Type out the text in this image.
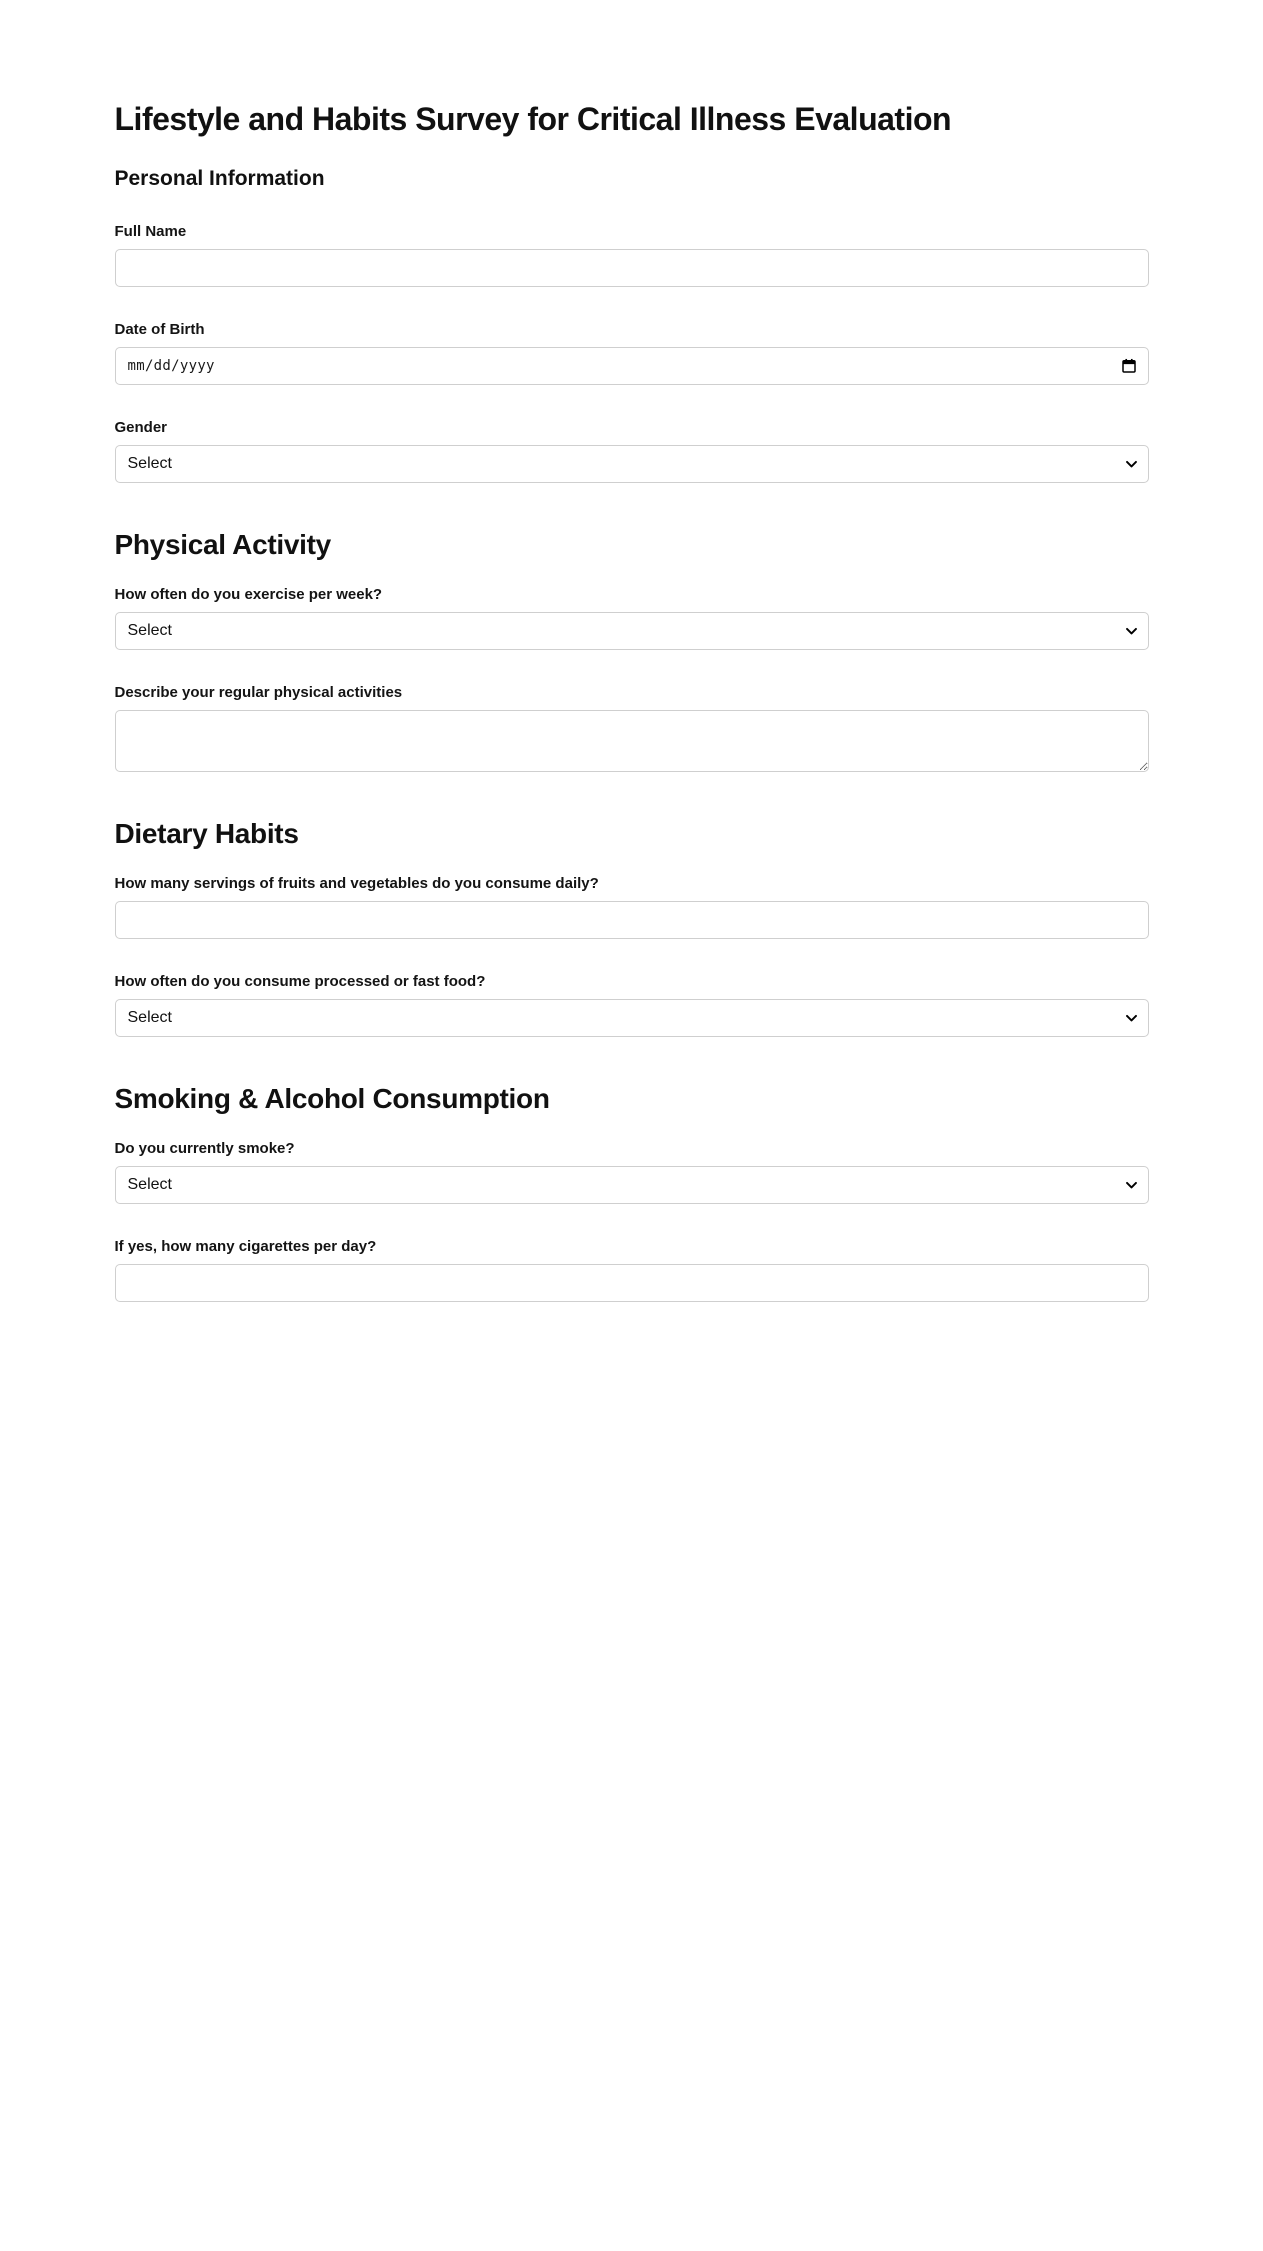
Lifestyle and Habits Survey for Critical Illness Evaluation
Personal Information
Full Name
Date of Birth
mm/dd/yyyy
Gender
Select
Physical Activity
How often do you exercise per week?
Select
Describe your regular physical activities
Dietary Habits
How many servings of fruits and vegetables do you consume daily?
How often do you consume processed or fast food?
Select
Smoking & Alcohol Consumption
Do you currently smoke?
Select
If yes, how many cigarettes per day?
